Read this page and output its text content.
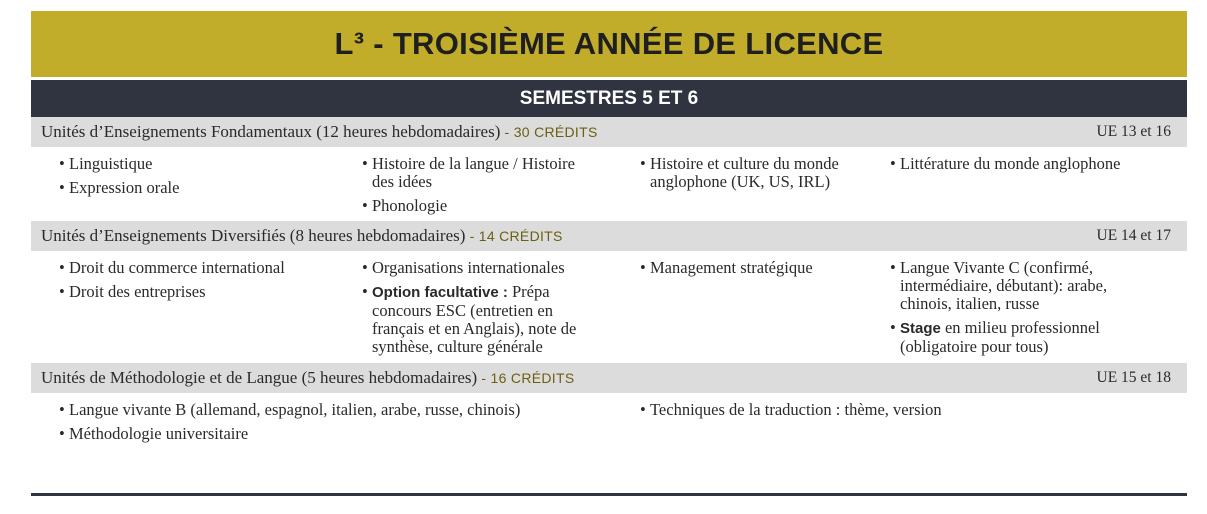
L³ - TROISIÈME ANNÉE DE LICENCE
SEMESTRES 5 ET 6
Unités d’Enseignements Fondamentaux (12 heures hebdomadaires) - 30 CRÉDITS	UE 13 et 16
• Linguistique
• Expression orale
• Histoire de la langue / Histoire des idées
• Phonologie
• Histoire et culture du monde anglophone (UK, US, IRL)
• Littérature du monde anglophone
Unités d’Enseignements Diversifiés (8 heures hebdomadaires) - 14 CRÉDITS	UE 14 et 17
• Droit du commerce international
• Droit des entreprises
• Organisations internationales
• Option facultative : Prépa concours ESC (entretien en français et en Anglais), note de synthèse, culture générale
• Management stratégique
•	Langue Vivante C (confirmé, intermédiaire, débutant): arabe, chinois, italien, russe
• Stage en milieu professionnel (obligatoire pour tous)
Unités de Méthodologie et de Langue (5 heures hebdomadaires) - 16 CRÉDITS	UE 15 et 18
• Langue vivante B (allemand, espagnol, italien, arabe, russe, chinois)
• Méthodologie universitaire
• Techniques de la traduction : thème, version
